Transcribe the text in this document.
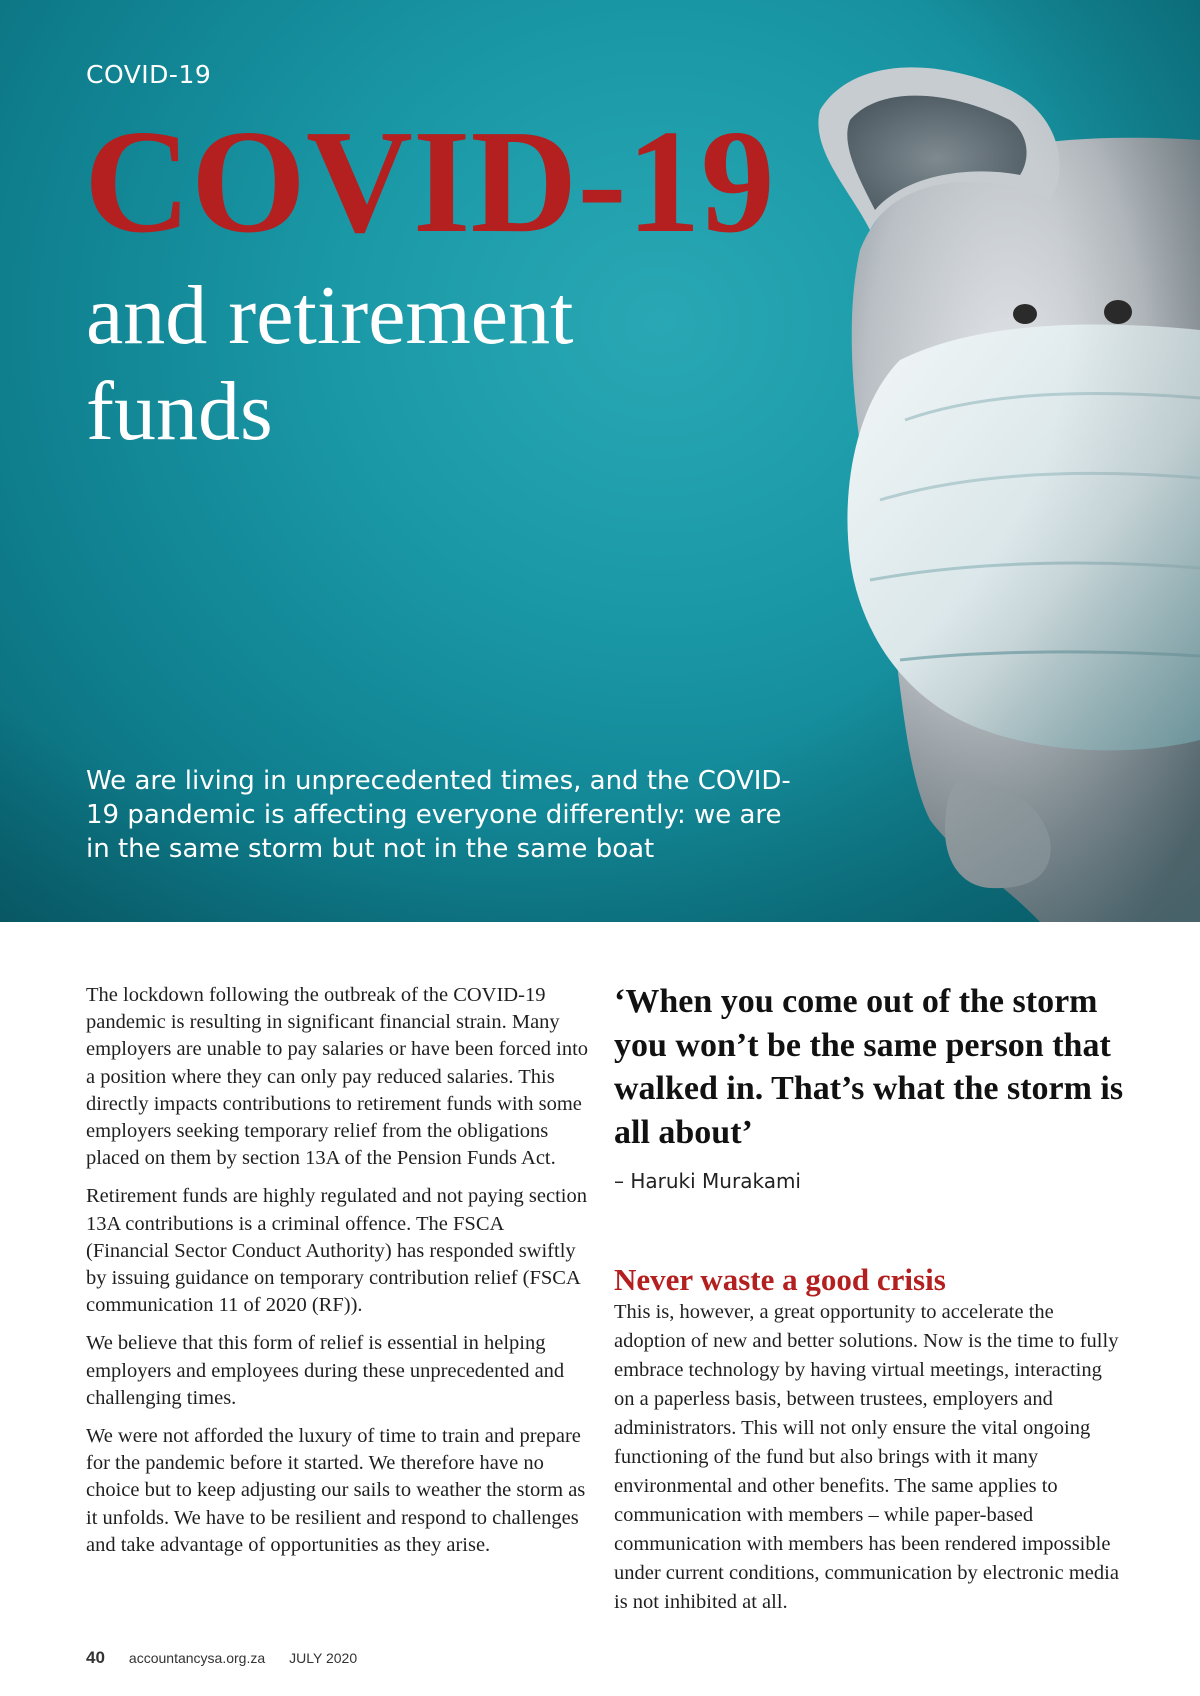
COVID-19
COVID-19
and retirement funds
We are living in unprecedented times, and the COVID-19 pandemic is affecting everyone differently: we are in the same storm but not in the same boat

The lockdown following the outbreak of the COVID-19 pandemic is resulting in significant financial strain. Many employers are unable to pay salaries or have been forced into a position where they can only pay reduced salaries. This directly impacts contributions to retirement funds with some employers seeking temporary relief from the obligations placed on them by section 13A of the Pension Funds Act.

Retirement funds are highly regulated and not paying section 13A contributions is a criminal offence. The FSCA (Financial Sector Conduct Authority) has responded swiftly by issuing guidance on temporary contribution relief (FSCA communication 11 of 2020 (RF)).

We believe that this form of relief is essential in helping employers and employees during these unprecedented and challenging times.

We were not afforded the luxury of time to train and prepare for the pandemic before it started. We therefore have no choice but to keep adjusting our sails to weather the storm as it unfolds. We have to be resilient and respond to challenges and take advantage of opportunities as they arise.

‘When you come out of the storm you won’t be the same person that walked in. That’s what the storm is all about’

– Haruki Murakami
Never waste a good crisis

This is, however, a great opportunity to accelerate the adoption of new and better solutions. Now is the time to fully embrace technology by having virtual meetings, interacting on a paperless basis, between trustees, employers and administrators. This will not only ensure the vital ongoing functioning of the fund but also brings with it many environmental and other benefits. The same applies to communication with members – while paper-based communication with members has been rendered impossible under current conditions, communication by electronic media is not inhibited at all.

40 accountancysa.org.za JULY 2020
